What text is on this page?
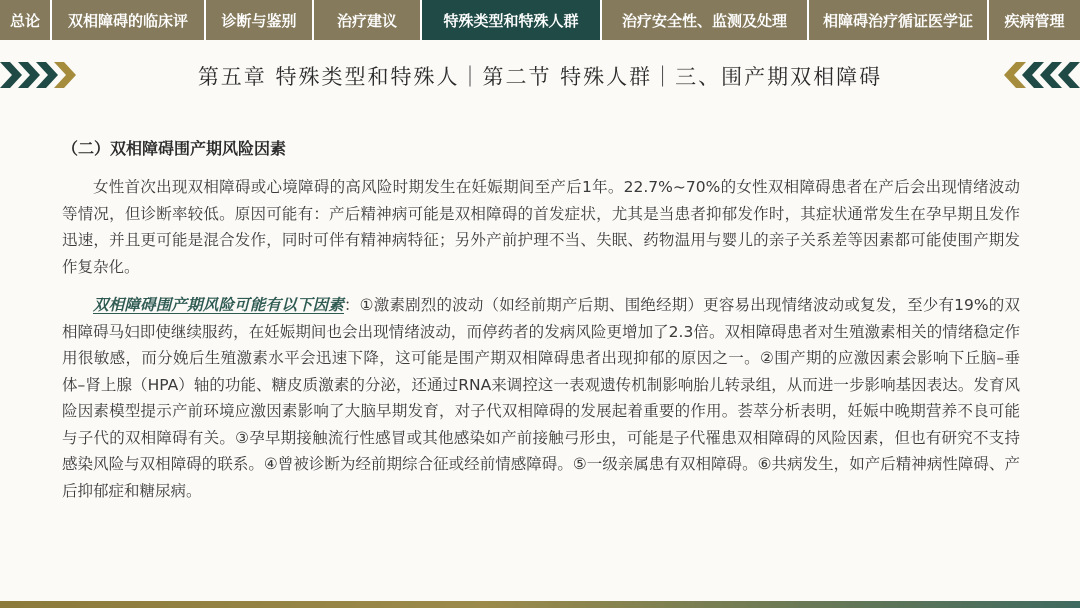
总论	双相障碍的临床评	诊断与鉴别	治疗建议	特殊类型和特殊人群	治疗安全性、监测及处理	相障碍治疗循证医学证	疾病管理
第五章 特殊类型和特殊人｜第二节 特殊人群｜三、围产期双相障碍
（二）双相障碍围产期风险因素

女性首次出现双相障碍或心境障碍的高风险时期发生在妊娠期间至产后1年。22.7%~70%的女性双相障碍患者在产后会出现情绪波动等情况，但诊断率较低。原因可能有：产后精神病可能是双相障碍的首发症状，尤其是当患者抑郁发作时，其症状通常发生在孕早期且发作迅速，并且更可能是混合发作，同时可伴有精神病特征；另外产前护理不当、失眠、药物温用与婴儿的亲子关系差等因素都可能使围产期发作复杂化。

双相障碍围产期风险可能有以下因素：①激素剧烈的波动（如经前期产后期、围绝经期）更容易出现情绪波动或复发，至少有19%的双相障碍马妇即使继续服药，在妊娠期间也会出现情绪波动，而停药者的发病风险更增加了2.3倍。双相障碍患者对生殖激素相关的情绪稳定作用很敏感，而分娩后生殖激素水平会迅速下降，这可能是围产期双相障碍患者出现抑郁的原因之一。②围产期的应激因素会影响下丘脑–垂体–肾上腺（HPA）轴的功能、糖皮质激素的分泌，还通过RNA来调控这一表观遗传机制影响胎儿转录组，从而进一步影响基因表达。发育风险因素模型提示产前环境应激因素影响了大脑早期发育，对子代双相障碍的发展起着重要的作用。荟萃分析表明，妊娠中晚期营养不良可能与子代的双相障碍有关。③孕早期接触流行性感冒或其他感染如产前接触弓形虫，可能是子代罹患双相障碍的风险因素，但也有研究不支持感染风险与双相障碍的联系。④曾被诊断为经前期综合征或经前情感障碍。⑤一级亲属患有双相障碍。⑥共病发生，如产后精神病性障碍、产后抑郁症和糖尿病。
